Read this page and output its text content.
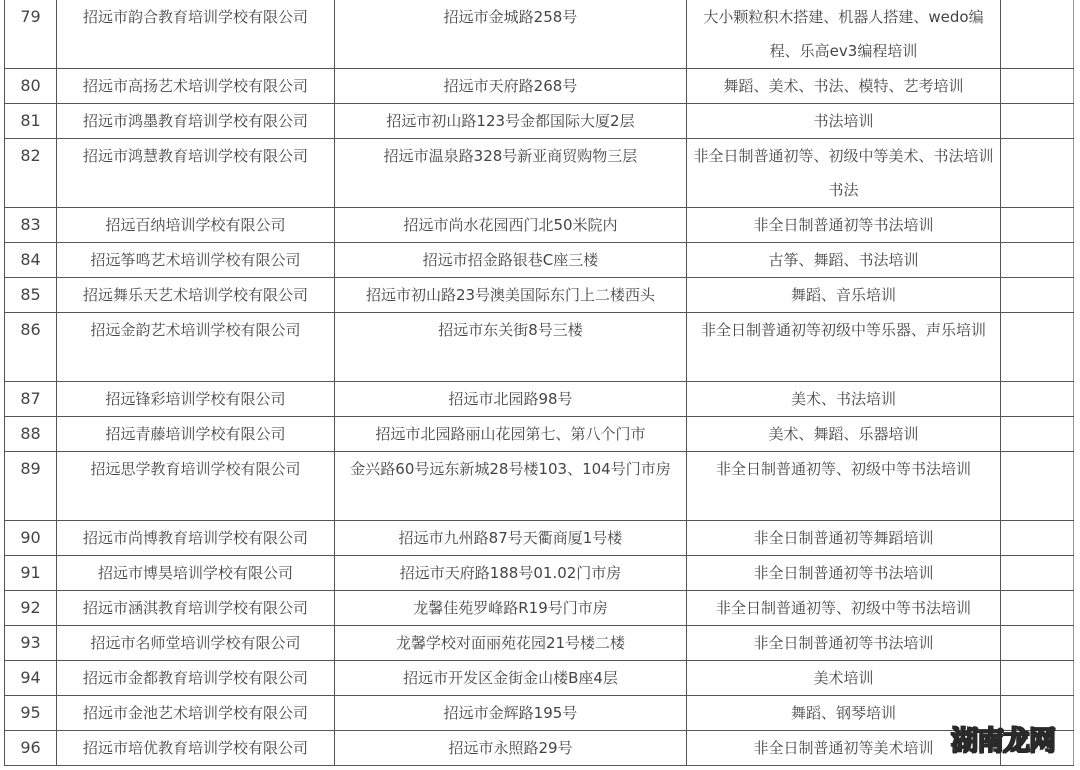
79	招远市韵合教育培训学校有限公司	招远市金城路258号	大小颗粒积木搭建、机器人搭建、wedo编程、乐高ev3编程培训	
80	招远市高扬艺术培训学校有限公司	招远市天府路268号	舞蹈、美术、书法、模特、艺考培训	
81	招远市鸿墨教育培训学校有限公司	招远市初山路123号金都国际大厦2层	书法培训	
82	招远市鸿慧教育培训学校有限公司	招远市温泉路328号新亚商贸购物三层	非全日制普通初等、初级中等美术、书法培训书法	
83	招远百纳培训学校有限公司	招远市尚水花园西门北50米院内	非全日制普通初等书法培训	
84	招远筝鸣艺术培训学校有限公司	招远市招金路银巷C座三楼	古筝、舞蹈、书法培训	
85	招远舞乐天艺术培训学校有限公司	招远市初山路23号澳美国际东门上二楼西头	舞蹈、音乐培训	
86	招远金韵艺术培训学校有限公司	招远市东关街8号三楼	非全日制普通初等初级中等乐器、声乐培训	
87	招远锋彩培训学校有限公司	招远市北园路98号	美术、书法培训	
88	招远青藤培训学校有限公司	招远市北园路丽山花园第七、第八个门市	美术、舞蹈、乐器培训	
89	招远思学教育培训学校有限公司	金兴路60号远东新城28号楼103、104号门市房	非全日制普通初等、初级中等书法培训	
90	招远市尚博教育培训学校有限公司	招远市九州路87号天衢商厦1号楼	非全日制普通初等舞蹈培训	
91	招远市博昊培训学校有限公司	招远市天府路188号01.02门市房	非全日制普通初等书法培训	
92	招远市涵淇教育培训学校有限公司	龙馨佳苑罗峰路R19号门市房	非全日制普通初等、初级中等书法培训	
93	招远市名师堂培训学校有限公司	龙馨学校对面丽苑花园21号楼二楼	非全日制普通初等书法培训	
94	招远市金都教育培训学校有限公司	招远市开发区金街金山楼B座4层	美术培训	
95	招远市金池艺术培训学校有限公司	招远市金辉路195号	舞蹈、钢琴培训	
96	招远市培优教育培训学校有限公司	招远市永照路29号	非全日制普通初等美术培训	湖南龙网
